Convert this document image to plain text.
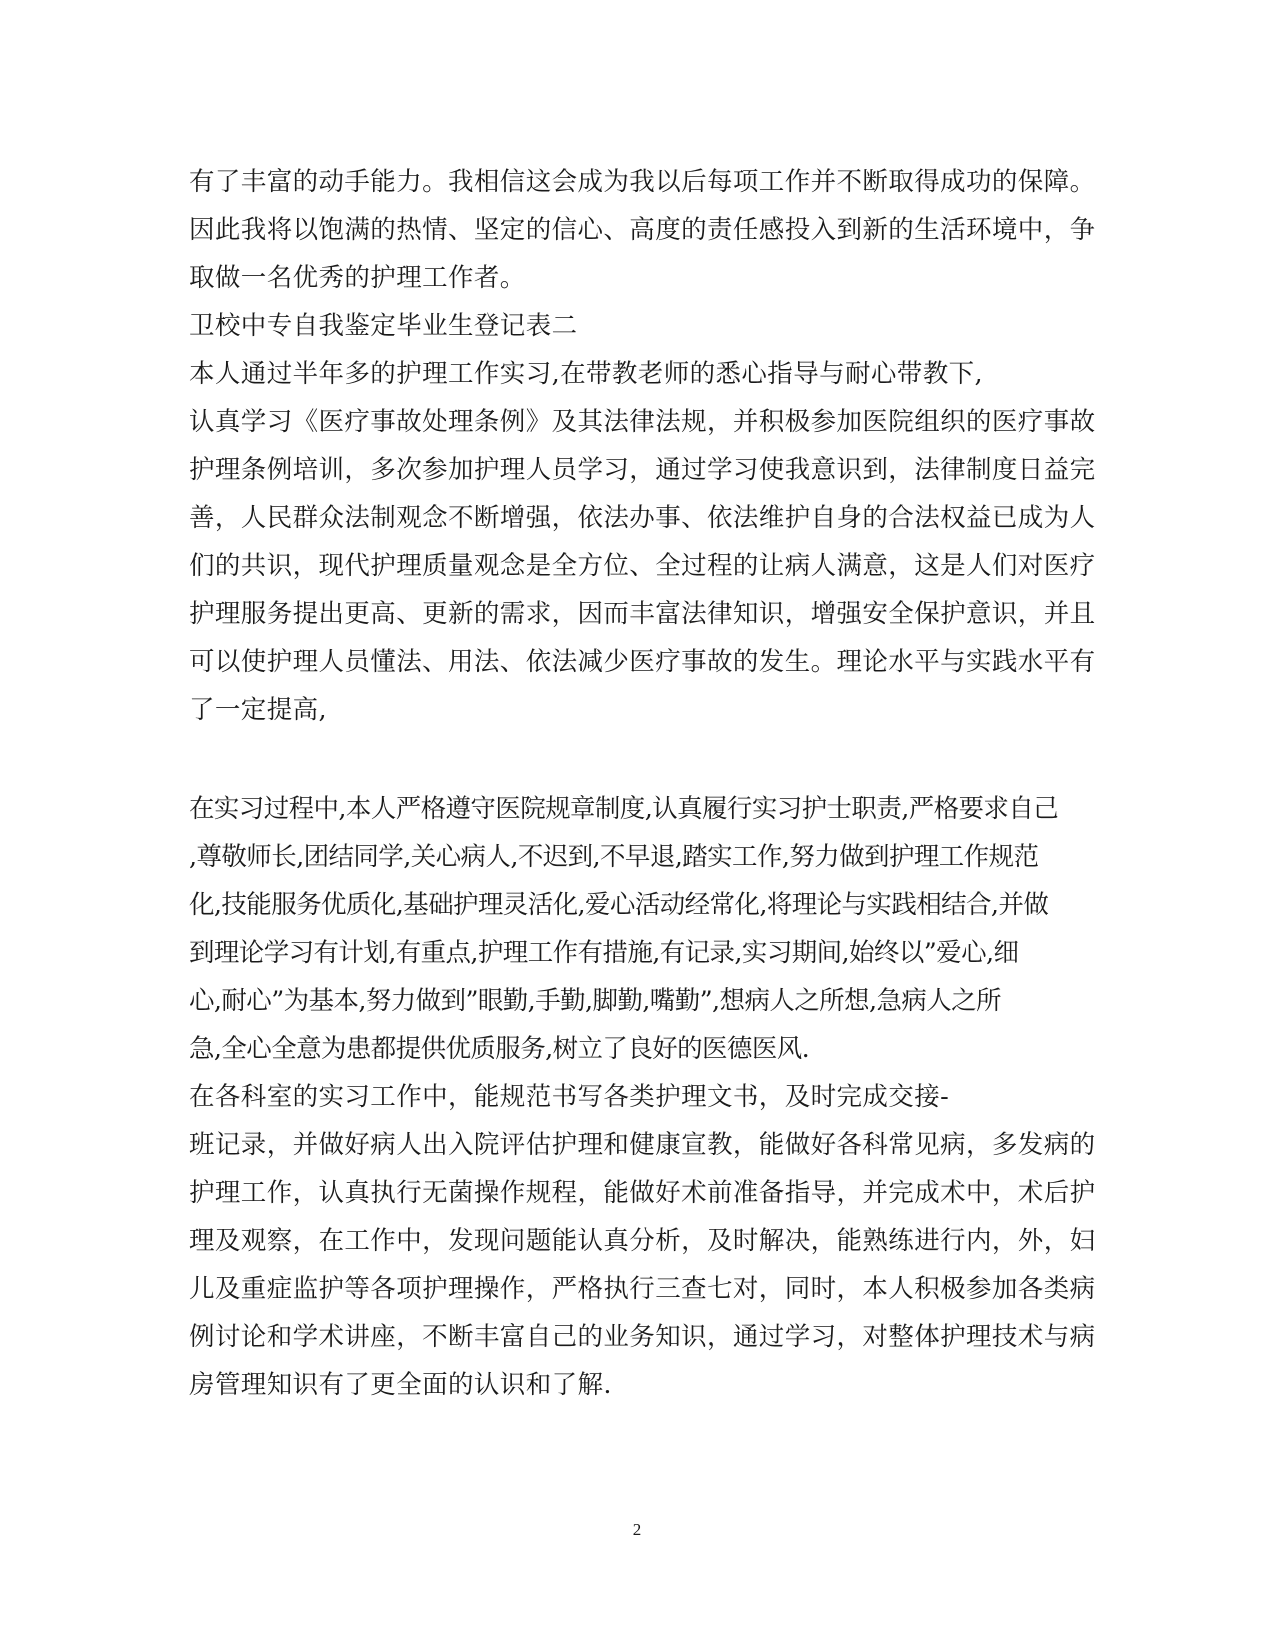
有了丰富的动手能力。我相信这会成为我以后每项工作并不断取得成功的保障。
因此我将以饱满的热情、坚定的信心、高度的责任感投入到新的生活环境中，争
取做一名优秀的护理工作者。
卫校中专自我鉴定毕业生登记表二
本人通过半年多的护理工作实习,在带教老师的悉心指导与耐心带教下,
认真学习《医疗事故处理条例》及其法律法规，并积极参加医院组织的医疗事故
护理条例培训，多次参加护理人员学习，通过学习使我意识到，法律制度日益完
善，人民群众法制观念不断增强，依法办事、依法维护自身的合法权益已成为人
们的共识，现代护理质量观念是全方位、全过程的让病人满意，这是人们对医疗
护理服务提出更高、更新的需求，因而丰富法律知识，增强安全保护意识，并且
可以使护理人员懂法、用法、依法减少医疗事故的发生。理论水平与实践水平有
了一定提高,
在实习过程中,本人严格遵守医院规章制度,认真履行实习护士职责,严格要求自己
,尊敬师长,团结同学,关心病人,不迟到,不早退,踏实工作,努力做到护理工作规范
化,技能服务优质化,基础护理灵活化,爱心活动经常化,将理论与实践相结合,并做
到理论学习有计划,有重点,护理工作有措施,有记录,实习期间,始终以”爱心,细
心,耐心”为基本,努力做到”眼勤,手勤,脚勤,嘴勤”,想病人之所想,急病人之所
急,全心全意为患都提供优质服务,树立了良好的医德医风.
在各科室的实习工作中，能规范书写各类护理文书，及时完成交接-
班记录，并做好病人出入院评估护理和健康宣教，能做好各科常见病，多发病的
护理工作，认真执行无菌操作规程，能做好术前准备指导，并完成术中，术后护
理及观察，在工作中，发现问题能认真分析，及时解决，能熟练进行内，外，妇
儿及重症监护等各项护理操作，严格执行三查七对，同时，本人积极参加各类病
例讨论和学术讲座，不断丰富自己的业务知识，通过学习，对整体护理技术与病
房管理知识有了更全面的认识和了解.
2
